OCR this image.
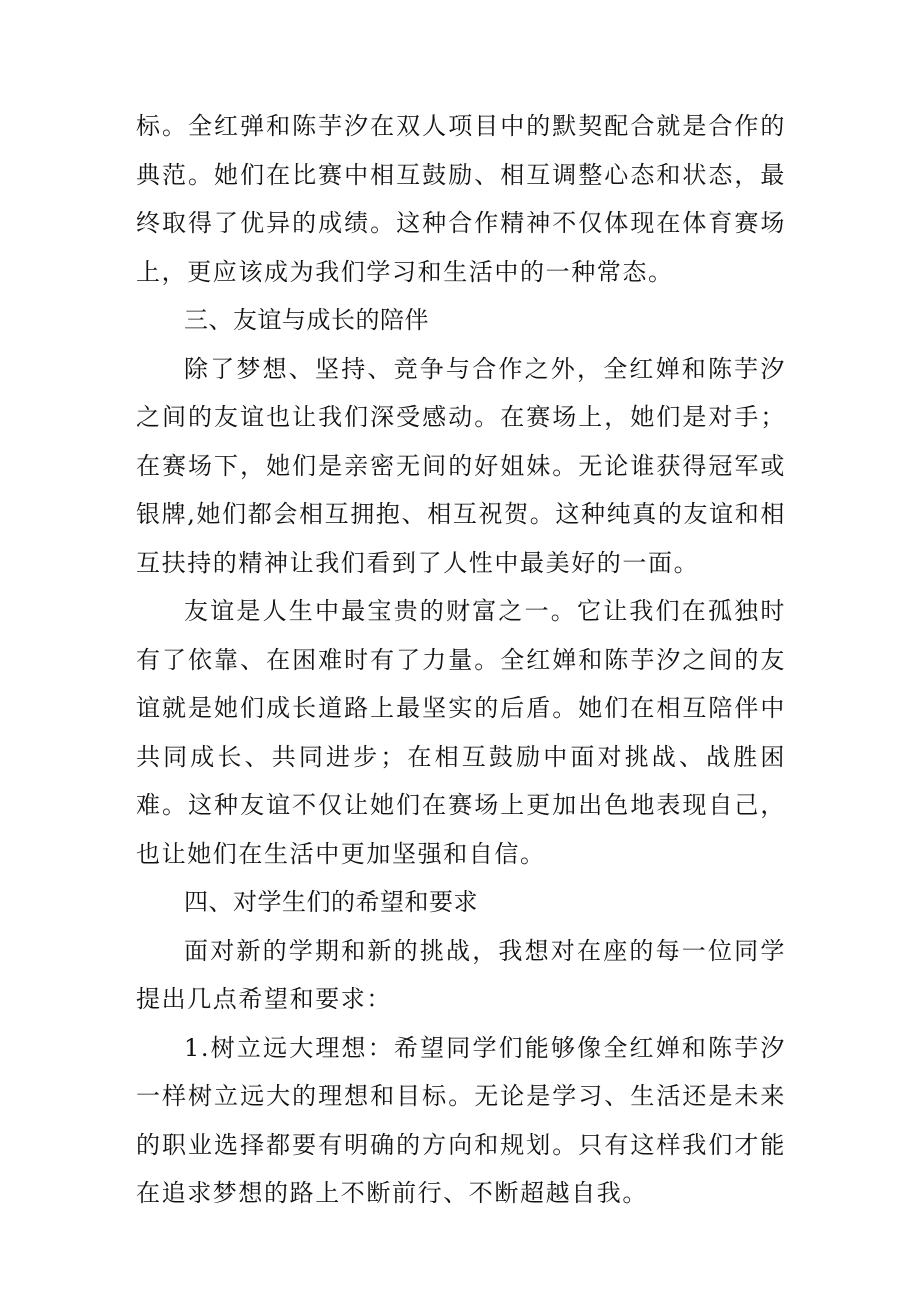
标。全红弹和陈芋汐在双人项目中的默契配合就是合作的典范。她们在比赛中相互鼓励、相互调整心态和状态，最终取得了优异的成绩。这种合作精神不仅体现在体育赛场上，更应该成为我们学习和生活中的一种常态。

三、友谊与成长的陪伴

除了梦想、坚持、竞争与合作之外，全红婵和陈芋汐之间的友谊也让我们深受感动。在赛场上，她们是对手；在赛场下，她们是亲密无间的好姐妹。无论谁获得冠军或银牌,她们都会相互拥抱、相互祝贺。这种纯真的友谊和相互扶持的精神让我们看到了人性中最美好的一面。

友谊是人生中最宝贵的财富之一。它让我们在孤独时有了依靠、在困难时有了力量。全红婵和陈芋汐之间的友谊就是她们成长道路上最坚实的后盾。她们在相互陪伴中共同成长、共同进步；在相互鼓励中面对挑战、战胜困难。这种友谊不仅让她们在赛场上更加出色地表现自己，也让她们在生活中更加坚强和自信。

四、对学生们的希望和要求

面对新的学期和新的挑战，我想对在座的每一位同学提出几点希望和要求：

1.树立远大理想：希望同学们能够像全红婵和陈芋汐一样树立远大的理想和目标。无论是学习、生活还是未来的职业选择都要有明确的方向和规划。只有这样我们才能在追求梦想的路上不断前行、不断超越自我。
